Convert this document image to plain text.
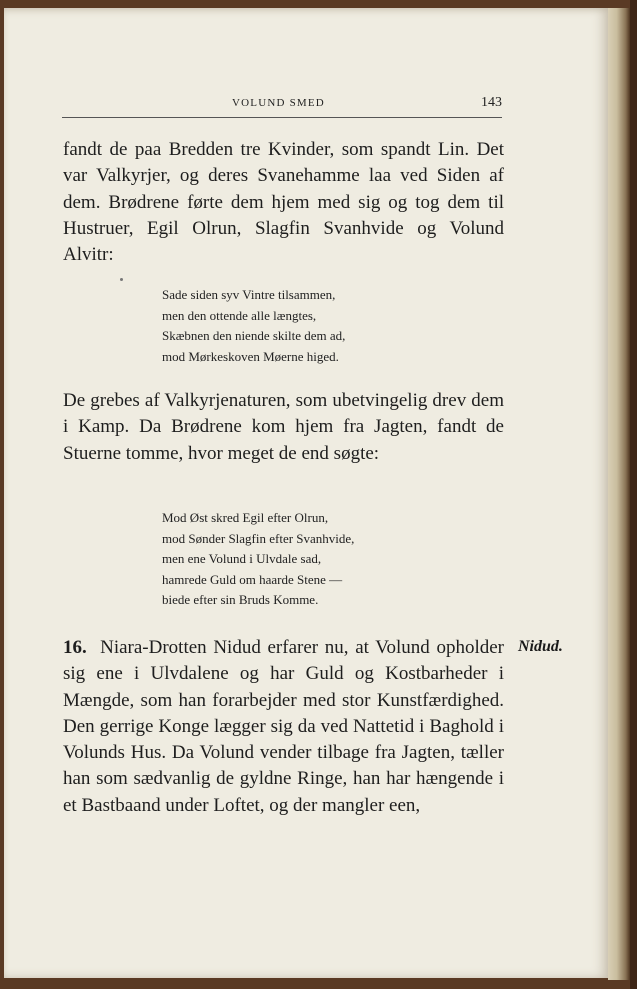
VOLUND SMED	143

fandt de paa Bredden tre Kvinder, som spandt Lin. Det var Valkyrjer, og deres Svanehamme laa ved Siden af dem. Brødrene førte dem hjem med sig og tog dem til Hustruer, Egil Olrun, Slagfin Svanhvide og Volund Alvitr:

Sade siden syv Vintre tilsammen,
men den ottende alle længtes,
Skæbnen den niende skilte dem ad,
mod Mørkeskoven Møerne higed.

De grebes af Valkyrjenaturen, som ubetvingelig drev dem i Kamp. Da Brødrene kom hjem fra Jagten, fandt de Stuerne tomme, hvor meget de end søgte:

Mod Øst skred Egil efter Olrun,
mod Sønder Slagfin efter Svanhvide,
men ene Volund i Ulvdale sad,
hamrede Guld om haarde Stene —
biede efter sin Bruds Komme.

16. Niara-Drotten Nidud erfarer nu, at Volund opholder sig ene i Ulvdalene og har Guld og Kostbarheder i Mængde, som han forarbejder med stor Kunstfærdighed. Den gerrige Konge lægger sig da ved Nattetid i Baghold i Volunds Hus. Da Volund vender tilbage fra Jagten, tæller han som sædvanlig de gyldne Ringe, han har hængende i et Bastbaand under Loftet, og der mangler een,

Nidud.
